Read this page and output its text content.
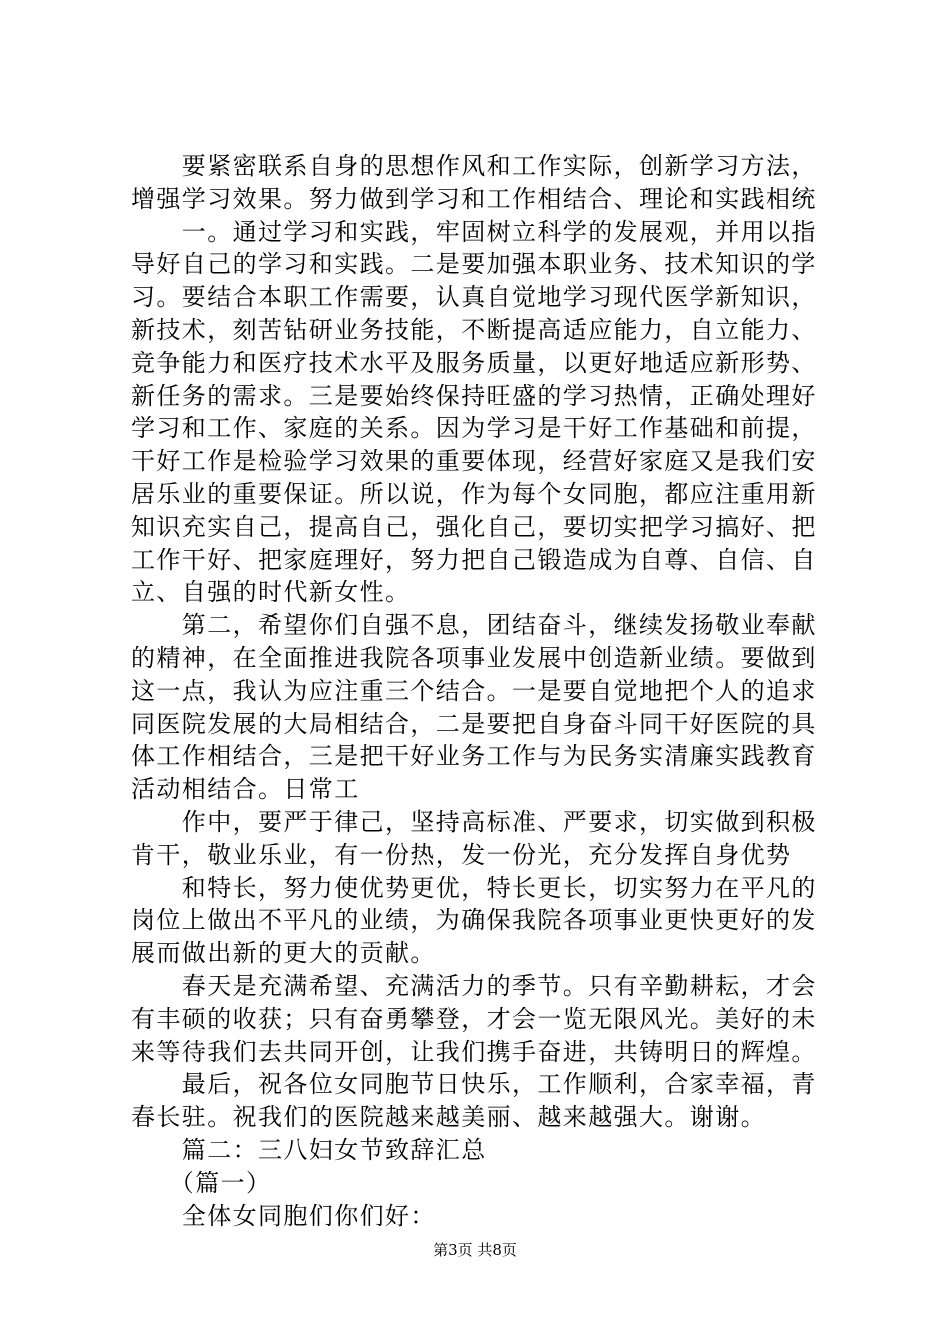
　　要紧密联系自身的思想作风和工作实际，创新学习方法，
增强学习效果。努力做到学习和工作相结合、理论和实践相统
　　一。通过学习和实践，牢固树立科学的发展观，并用以指
导好自己的学习和实践。二是要加强本职业务、技术知识的学
习。要结合本职工作需要，认真自觉地学习现代医学新知识，
新技术，刻苦钻研业务技能，不断提高适应能力，自立能力、
竞争能力和医疗技术水平及服务质量，以更好地适应新形势、
新任务的需求。三是要始终保持旺盛的学习热情，正确处理好
学习和工作、家庭的关系。因为学习是干好工作基础和前提，
干好工作是检验学习效果的重要体现，经营好家庭又是我们安
居乐业的重要保证。所以说，作为每个女同胞，都应注重用新
知识充实自己，提高自己，强化自己，要切实把学习搞好、把
工作干好、把家庭理好，努力把自己锻造成为自尊、自信、自
立、自强的时代新女性。
　　第二，希望你们自强不息，团结奋斗，继续发扬敬业奉献
的精神，在全面推进我院各项事业发展中创造新业绩。要做到
这一点，我认为应注重三个结合。一是要自觉地把个人的追求
同医院发展的大局相结合，二是要把自身奋斗同干好医院的具
体工作相结合，三是把干好业务工作与为民务实清廉实践教育
活动相结合。日常工
　　作中，要严于律己，坚持高标准、严要求，切实做到积极
肯干，敬业乐业，有一份热，发一份光，充分发挥自身优势
　　和特长，努力使优势更优，特长更长，切实努力在平凡的
岗位上做出不平凡的业绩，为确保我院各项事业更快更好的发
展而做出新的更大的贡献。
　　春天是充满希望、充满活力的季节。只有辛勤耕耘，才会
有丰硕的收获；只有奋勇攀登，才会一览无限风光。美好的未
来等待我们去共同开创，让我们携手奋进，共铸明日的辉煌。
　　最后，祝各位女同胞节日快乐，工作顺利，合家幸福，青
春长驻。祝我们的医院越来越美丽、越来越强大。谢谢。
　　篇二：三八妇女节致辞汇总
　　（篇一）
　　全体女同胞们你们好：
第3页 共8页
